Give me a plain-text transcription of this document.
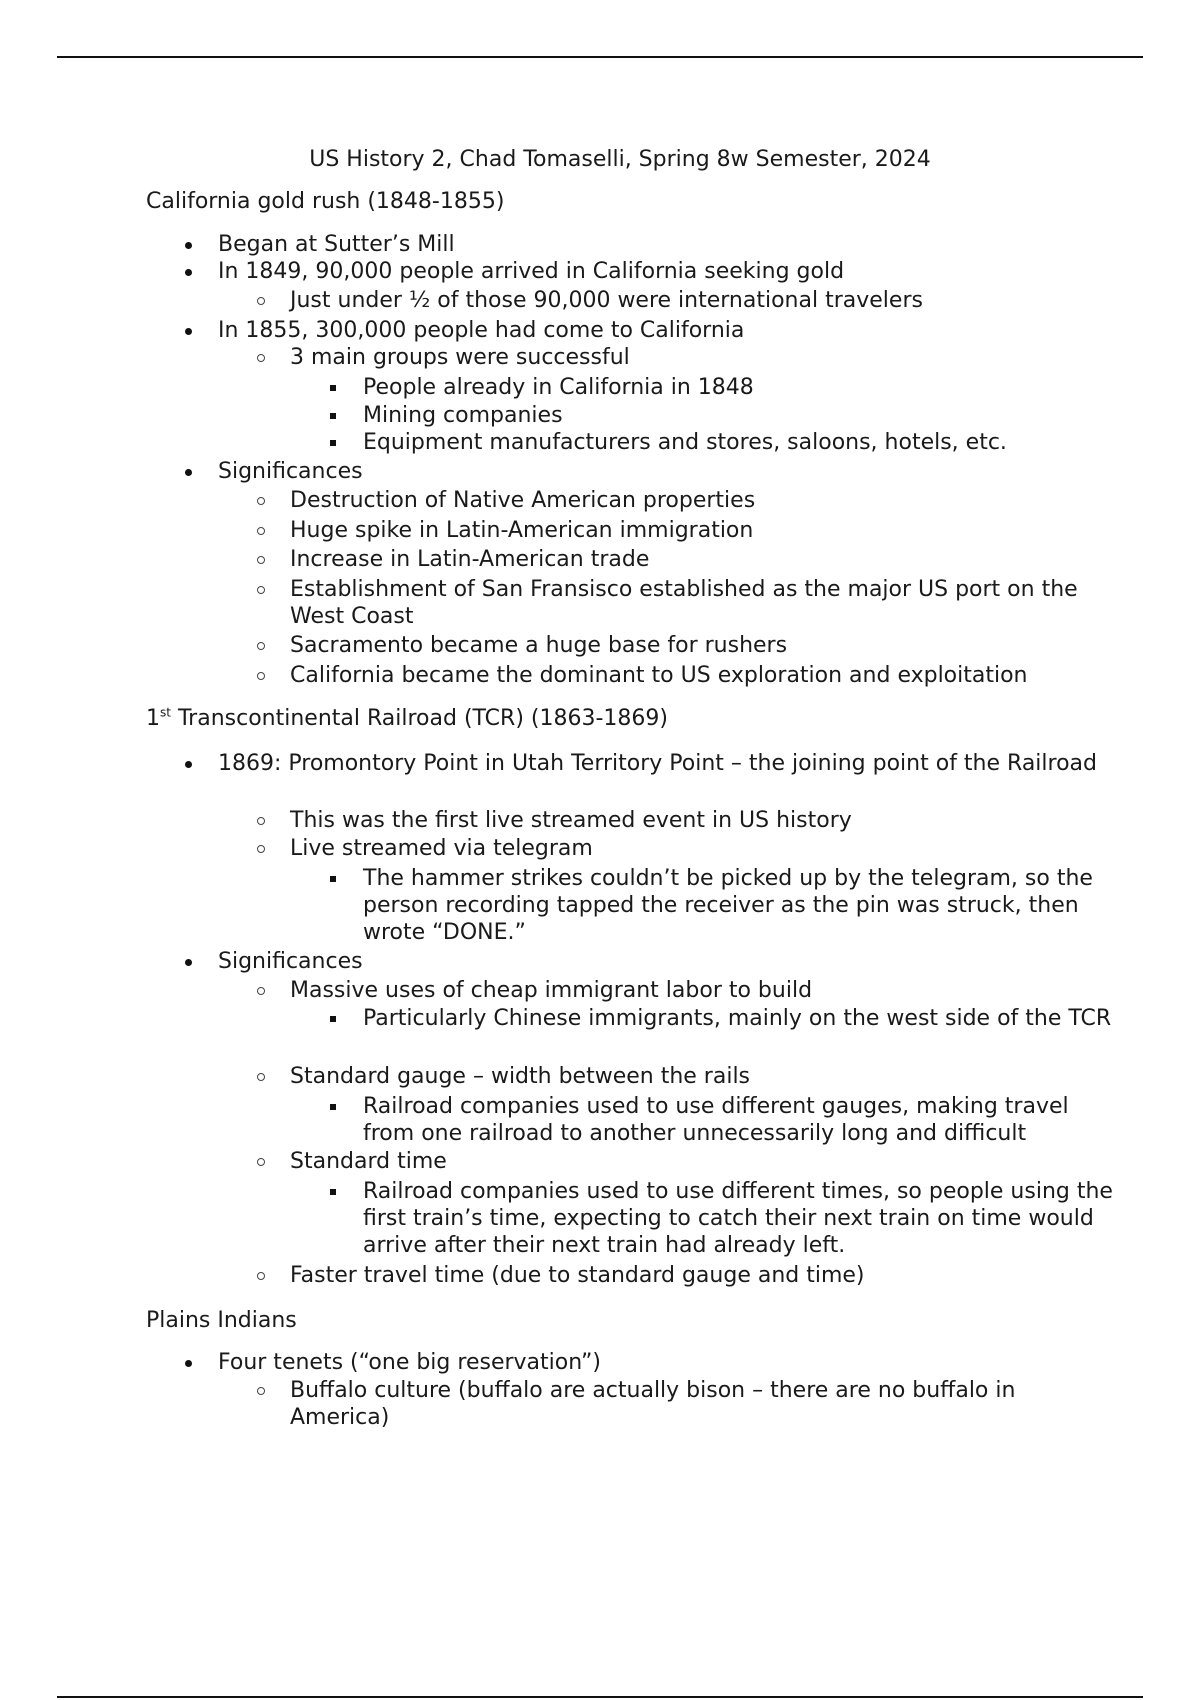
US History 2, Chad Tomaselli, Spring 8w Semester, 2024
California gold rush (1848-1855)
Began at Sutter’s Mill
In 1849, 90,000 people arrived in California seeking gold
Just under ½ of those 90,000 were international travelers
In 1855, 300,000 people had come to California
3 main groups were successful
People already in California in 1848
Mining companies
Equipment manufacturers and stores, saloons, hotels, etc.
Significances
Destruction of Native American properties
Huge spike in Latin-American immigration
Increase in Latin-American trade
Establishment of San Fransisco established as the major US port on the West Coast
Sacramento became a huge base for rushers
California became the dominant to US exploration and exploitation
1st Transcontinental Railroad (TCR) (1863-1869)
1869: Promontory Point in Utah Territory Point – the joining point of the Railroad
This was the first live streamed event in US history
Live streamed via telegram
The hammer strikes couldn’t be picked up by the telegram, so the person recording tapped the receiver as the pin was struck, then wrote “DONE.”
Significances
Massive uses of cheap immigrant labor to build
Particularly Chinese immigrants, mainly on the west side of the TCR
Standard gauge – width between the rails
Railroad companies used to use different gauges, making travel from one railroad to another unnecessarily long and difficult
Standard time
Railroad companies used to use different times, so people using the first train’s time, expecting to catch their next train on time would arrive after their next train had already left.
Faster travel time (due to standard gauge and time)
Plains Indians
Four tenets (“one big reservation”)
Buffalo culture (buffalo are actually bison – there are no buffalo in America)
